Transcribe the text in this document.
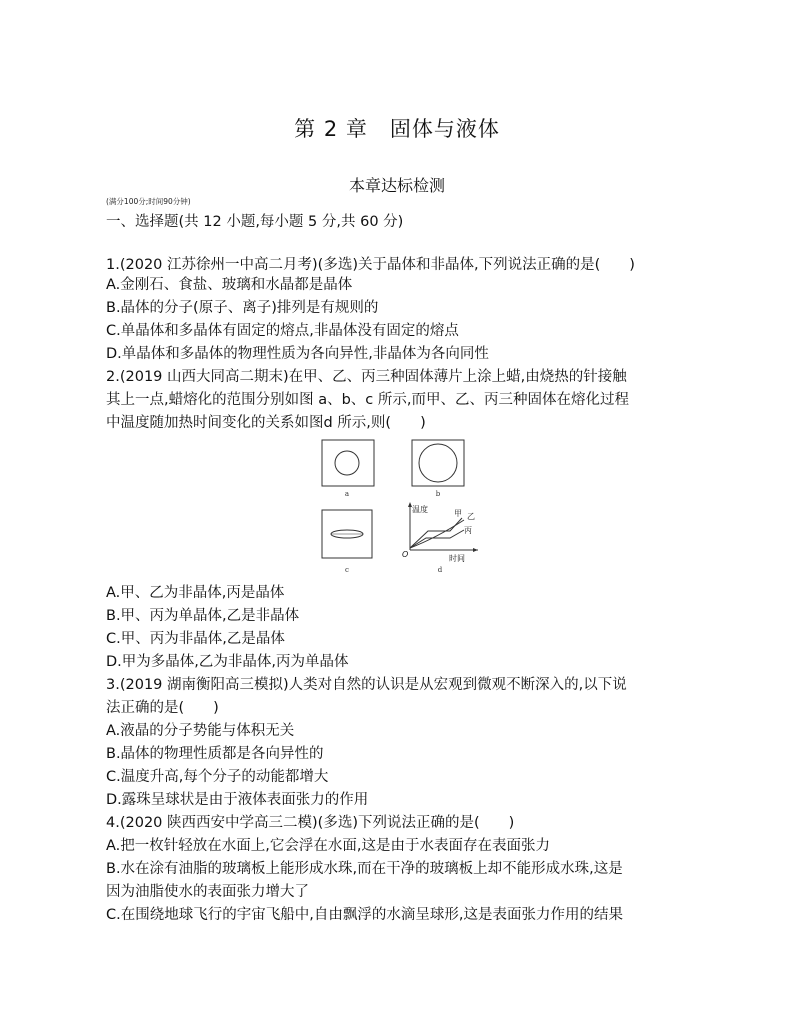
第 2 章　固体与液体
本章达标检测
(满分100分;时间90分钟)
一、选择题(共 12 小题,每小题 5 分,共 60 分)
1.(2020 江苏徐州一中高二月考)(多选)关于晶体和非晶体,下列说法正确的是(　　)
A.金刚石、食盐、玻璃和水晶都是晶体
B.晶体的分子(原子、离子)排列是有规则的
C.单晶体和多晶体有固定的熔点,非晶体没有固定的熔点
D.单晶体和多晶体的物理性质为各向异性,非晶体为各向同性
2.(2019 山西大同高二期末)在甲、乙、丙三种固体薄片上涂上蜡,由烧热的针接触
其上一点,蜡熔化的范围分别如图 a、b、c 所示,而甲、乙、丙三种固体在熔化过程
中温度随加热时间变化的关系如图d 所示,则(　　)
温度
时间
O
甲 乙
丙
a	b
c	d
A.甲、乙为非晶体,丙是晶体
B.甲、丙为单晶体,乙是非晶体
C.甲、丙为非晶体,乙是晶体
D.甲为多晶体,乙为非晶体,丙为单晶体
3.(2019 湖南衡阳高三模拟)人类对自然的认识是从宏观到微观不断深入的,以下说
法正确的是(　　)
A.液晶的分子势能与体积无关
B.晶体的物理性质都是各向异性的
C.温度升高,每个分子的动能都增大
D.露珠呈球状是由于液体表面张力的作用
4.(2020 陕西西安中学高三二模)(多选)下列说法正确的是(　　)
A.把一枚针轻放在水面上,它会浮在水面,这是由于水表面存在表面张力
B.水在涂有油脂的玻璃板上能形成水珠,而在干净的玻璃板上却不能形成水珠,这是
因为油脂使水的表面张力增大了
C.在围绕地球飞行的宇宙飞船中,自由飘浮的水滴呈球形,这是表面张力作用的结果
